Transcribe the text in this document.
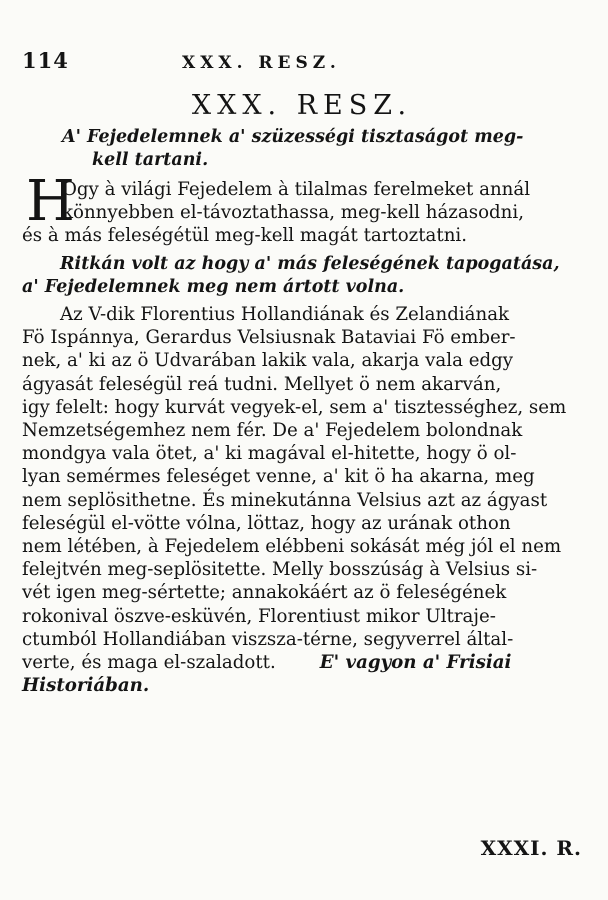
114	XXX. RESZ.
XXX. RESZ.
A' Fejedelemnek a' szüzességi tisztaságot meg-
kell tartani.
H
Ogy à világi Fejedelem à tilalmas ferelmeket annál
könnyebben el-távoztathassa, meg-kell házasodni,
és à más feleségétül meg-kell magát tartoztatni.
Ritkán volt az hogy a' más feleségének tapogatása,
a' Fejedelemnek meg nem ártott volna.
Az V-dik Florentius Hollandiának és Zelandiának
Fö Ispánnya, Gerardus Velsiusnak Bataviai Fö ember-
nek, a' ki az ö Udvarában lakik vala, akarja vala edgy
ágyasát feleségül reá tudni. Mellyet ö nem akarván,
igy felelt: hogy kurvát vegyek-el, sem a' tisztességhez, sem
Nemzetségemhez nem fér. De a' Fejedelem bolondnak
mondgya vala ötet, a' ki magával el-hitette, hogy ö ol-
lyan semérmes feleséget venne, a' kit ö ha akarna, meg
nem seplösithetne. És minekutánna Velsius azt az ágyast
feleségül el-vötte vólna, löttaz, hogy az urának othon
nem létében, à Fejedelem elébbeni sokását még jól el nem
felejtvén meg-seplösitette. Melly bosszúság à Velsius si-
vét igen meg-sértette; annakokáért az ö feleségének
rokonival öszve-esküvén, Florentiust mikor Ultraje-
ctumból Hollandiában viszsza-térne, segyverrel által-
verte, és maga el-szaladott. E' vagyon a' Frisiai
Historiában.
XXXI. R.
